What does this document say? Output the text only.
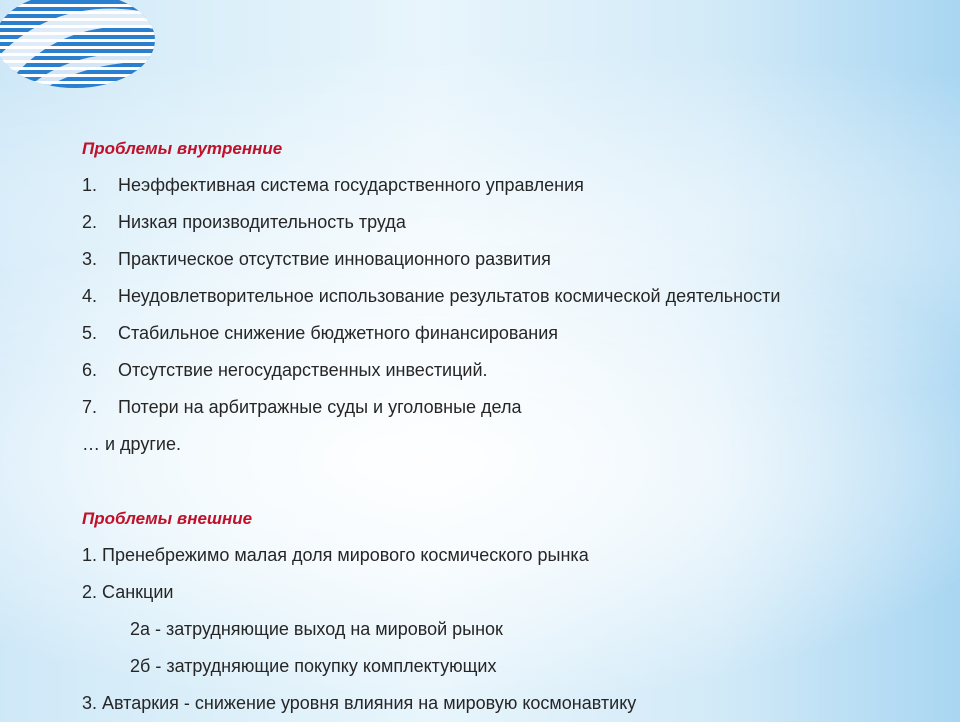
Проблемы внутренние
1. Неэффективная система государственного управления
2. Низкая производительность труда
3. Практическое отсутствие инновационного развития
4. Неудовлетворительное использование результатов космической деятельности
5. Стабильное снижение бюджетного финансирования
6. Отсутствие негосударственных инвестиций.
7. Потери на арбитражные суды и уголовные дела
… и другие.
Проблемы внешние
1. Пренебрежимо малая доля мирового космического рынка
2. Санкции
2а - затрудняющие выход на мировой рынок
2б - затрудняющие покупку комплектующих
3. Автаркия - снижение уровня влияния на мировую космонавтику
